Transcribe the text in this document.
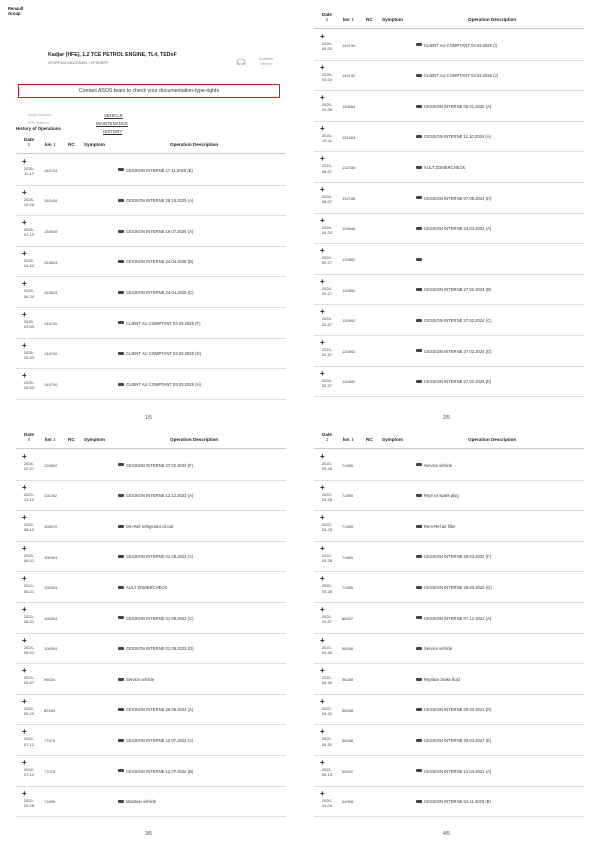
Renault
Group
Kadjar (HFE), 1.2 TCE PETROL ENGINE, TL4, TEDoF
VF1RFE00461203491 / FFS0RFF
available Vehicle
Contact ASOS team to check your documentation-type-rights
Model features
FRE features
VEHICLE
MAINTENANCE
HISTORY
History of Operations
Date
⇕	km ⇕	RC Symptom	Operation Description
1/5
+
2025-
11-17
152793	CESSION INTERNE 17.11.2025 (B)
+
2025-
10-28
152434	CESSION INTERNE 28.10.2025 (A)
+
2025-
07-19
154549	CESSION INTERNE 19.07.2025 (A)
+
2025-
04-24
153643	CESSION INTERNE 24.04.2025 (B)
+
2025-
04-24
153643	CESSION INTERNE 24.04.2025 (C)
+
2025-
03-03
144740	CLIENT AU COMPTANT 03.03.2025 (F)
+
2025-
03-03
144740	CLIENT AU COMPTANT 03.03.2025 (G)
+
2025-
03-03
144740	CLIENT AU COMPTANT 03.03.2025 (H)
Date
⇕	km ⇕	RC Symptom	Operation Description
2/5
+
2025-
03-03
144740	CLIENT AU COMPTANT 03.03.2025 (I)
+
2025-
03-03
144740	CLIENT AU COMPTANT 03.03.2025 (J)
+
2025-
01-06
144564	CESSION INTERNE 06.01.2025 (A)
+
2024-
10-11
131364	CESSION INTERNE 11.10.2024 (A)
+
2024-
08-07
132786	AULT ZOMERCHECK
+
2024-
08-07
132786	CESSION INTERNE 07.08.2024 (H)
+
2024-
04-24
129646	CESSION INTERNE 24.04.2024 (A)
+
2024-
02-27
120892
+
2024-
02-27
120892	CESSION INTERNE 27.02.2024 (B)
+
2024-
02-27
120892	CESSION INTERNE 27.02.2024 (C)
+
2024-
02-27
120892	CESSION INTERNE 27.02.2024 (D)
+
2024-
02-27
120892	CESSION INTERNE 27.02.2024 (E)
Date
⇕	km ⇕	RC Symptom	Operation Description
3/5
+
2024-
02-27
120892	CESSION INTERNE 27.02.2024 (F)
+
2023-
12-12
116762	CESSION INTERNE 12.12.2023 (A)
+
2023-
08-10
106970	Dm-Ref-refrigerant circuit
+
2023-
08-01
106304	CESSION INTERNE 01.08.2023 (A)
+
2023-
08-01
106304	AULT ZOMERCHECK
+
2023-
08-01
106304	CESSION INTERNE 01.08.2023 (C)
+
2023-
08-01
106304	CESSION INTERNE 01.08.2023 (D)
+
2023-
03-07
96024	Service vehicle
+
2022-
09-29
89180	CESSION INTERNE 29.09.2022 (A)
+
2022-
07-12
77076	CESSION INTERNE 12.07.2022 (A)
+
2022-
07-12
77076	CESSION INTERNE 12.07.2022 (B)
+
2022-
03-28
71895	Maintain vehicle
Date
⇕	km ⇕	RC Symptom	Operation Description
4/5
+
2022-
03-28
71895	Service vehicle
+
2022-
03-28
71895	Repl x4 spark plug
+
2022-
03-28
71895	Rem-Ref air filter
+
2022-
03-28
71895	CESSION INTERNE 28.03.2022 (F)
+
2022-
03-28
71895	CESSION INTERNE 28.03.2022 (G)
+
2021-
12-07
66007	CESSION INTERNE 07.12.2021 (A)
+
2021-
04-30
56288	Service vehicle
+
2021-
04-30
56288	Replace brake fluid
+
2021-
04-30
56288	CESSION INTERNE 30.04.2021 (D)
+
2021-
04-30
56288	CESSION INTERNE 30.04.2021 (E)
+
2021-
04-13
55002	CESSION INTERNE 13.04.2021 (A)
+
2020-
11-04
44998	CESSION INTERNE 04.11.2020 (B)
